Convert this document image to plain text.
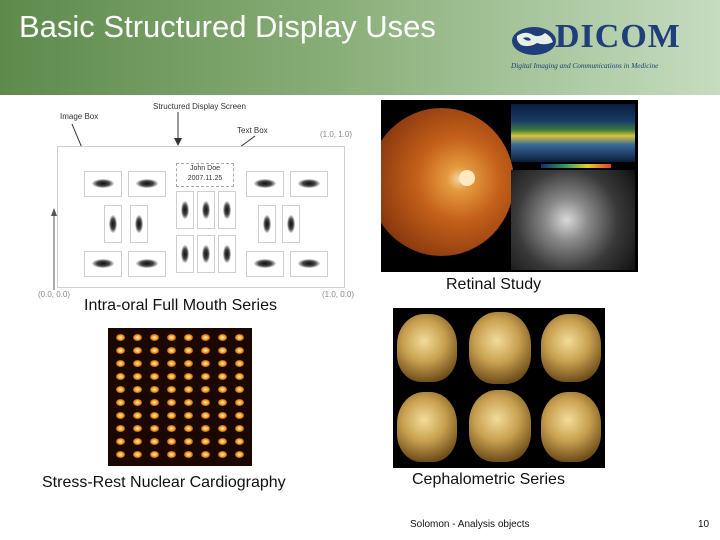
Basic Structured Display Uses	DICOM
Digital Imaging and Communications in Medicine
Structured Display Screen
Image Box
Text Box	(1.0, 1.0)
(0.0, 0.0)	(1.0, 0.0)
John Doe
2007.11.25
Intra-oral Full Mouth Series
Retinal Study
Stress-Rest Nuclear Cardiography	Cephalometric Series
Solomon - Analysis objects	10
